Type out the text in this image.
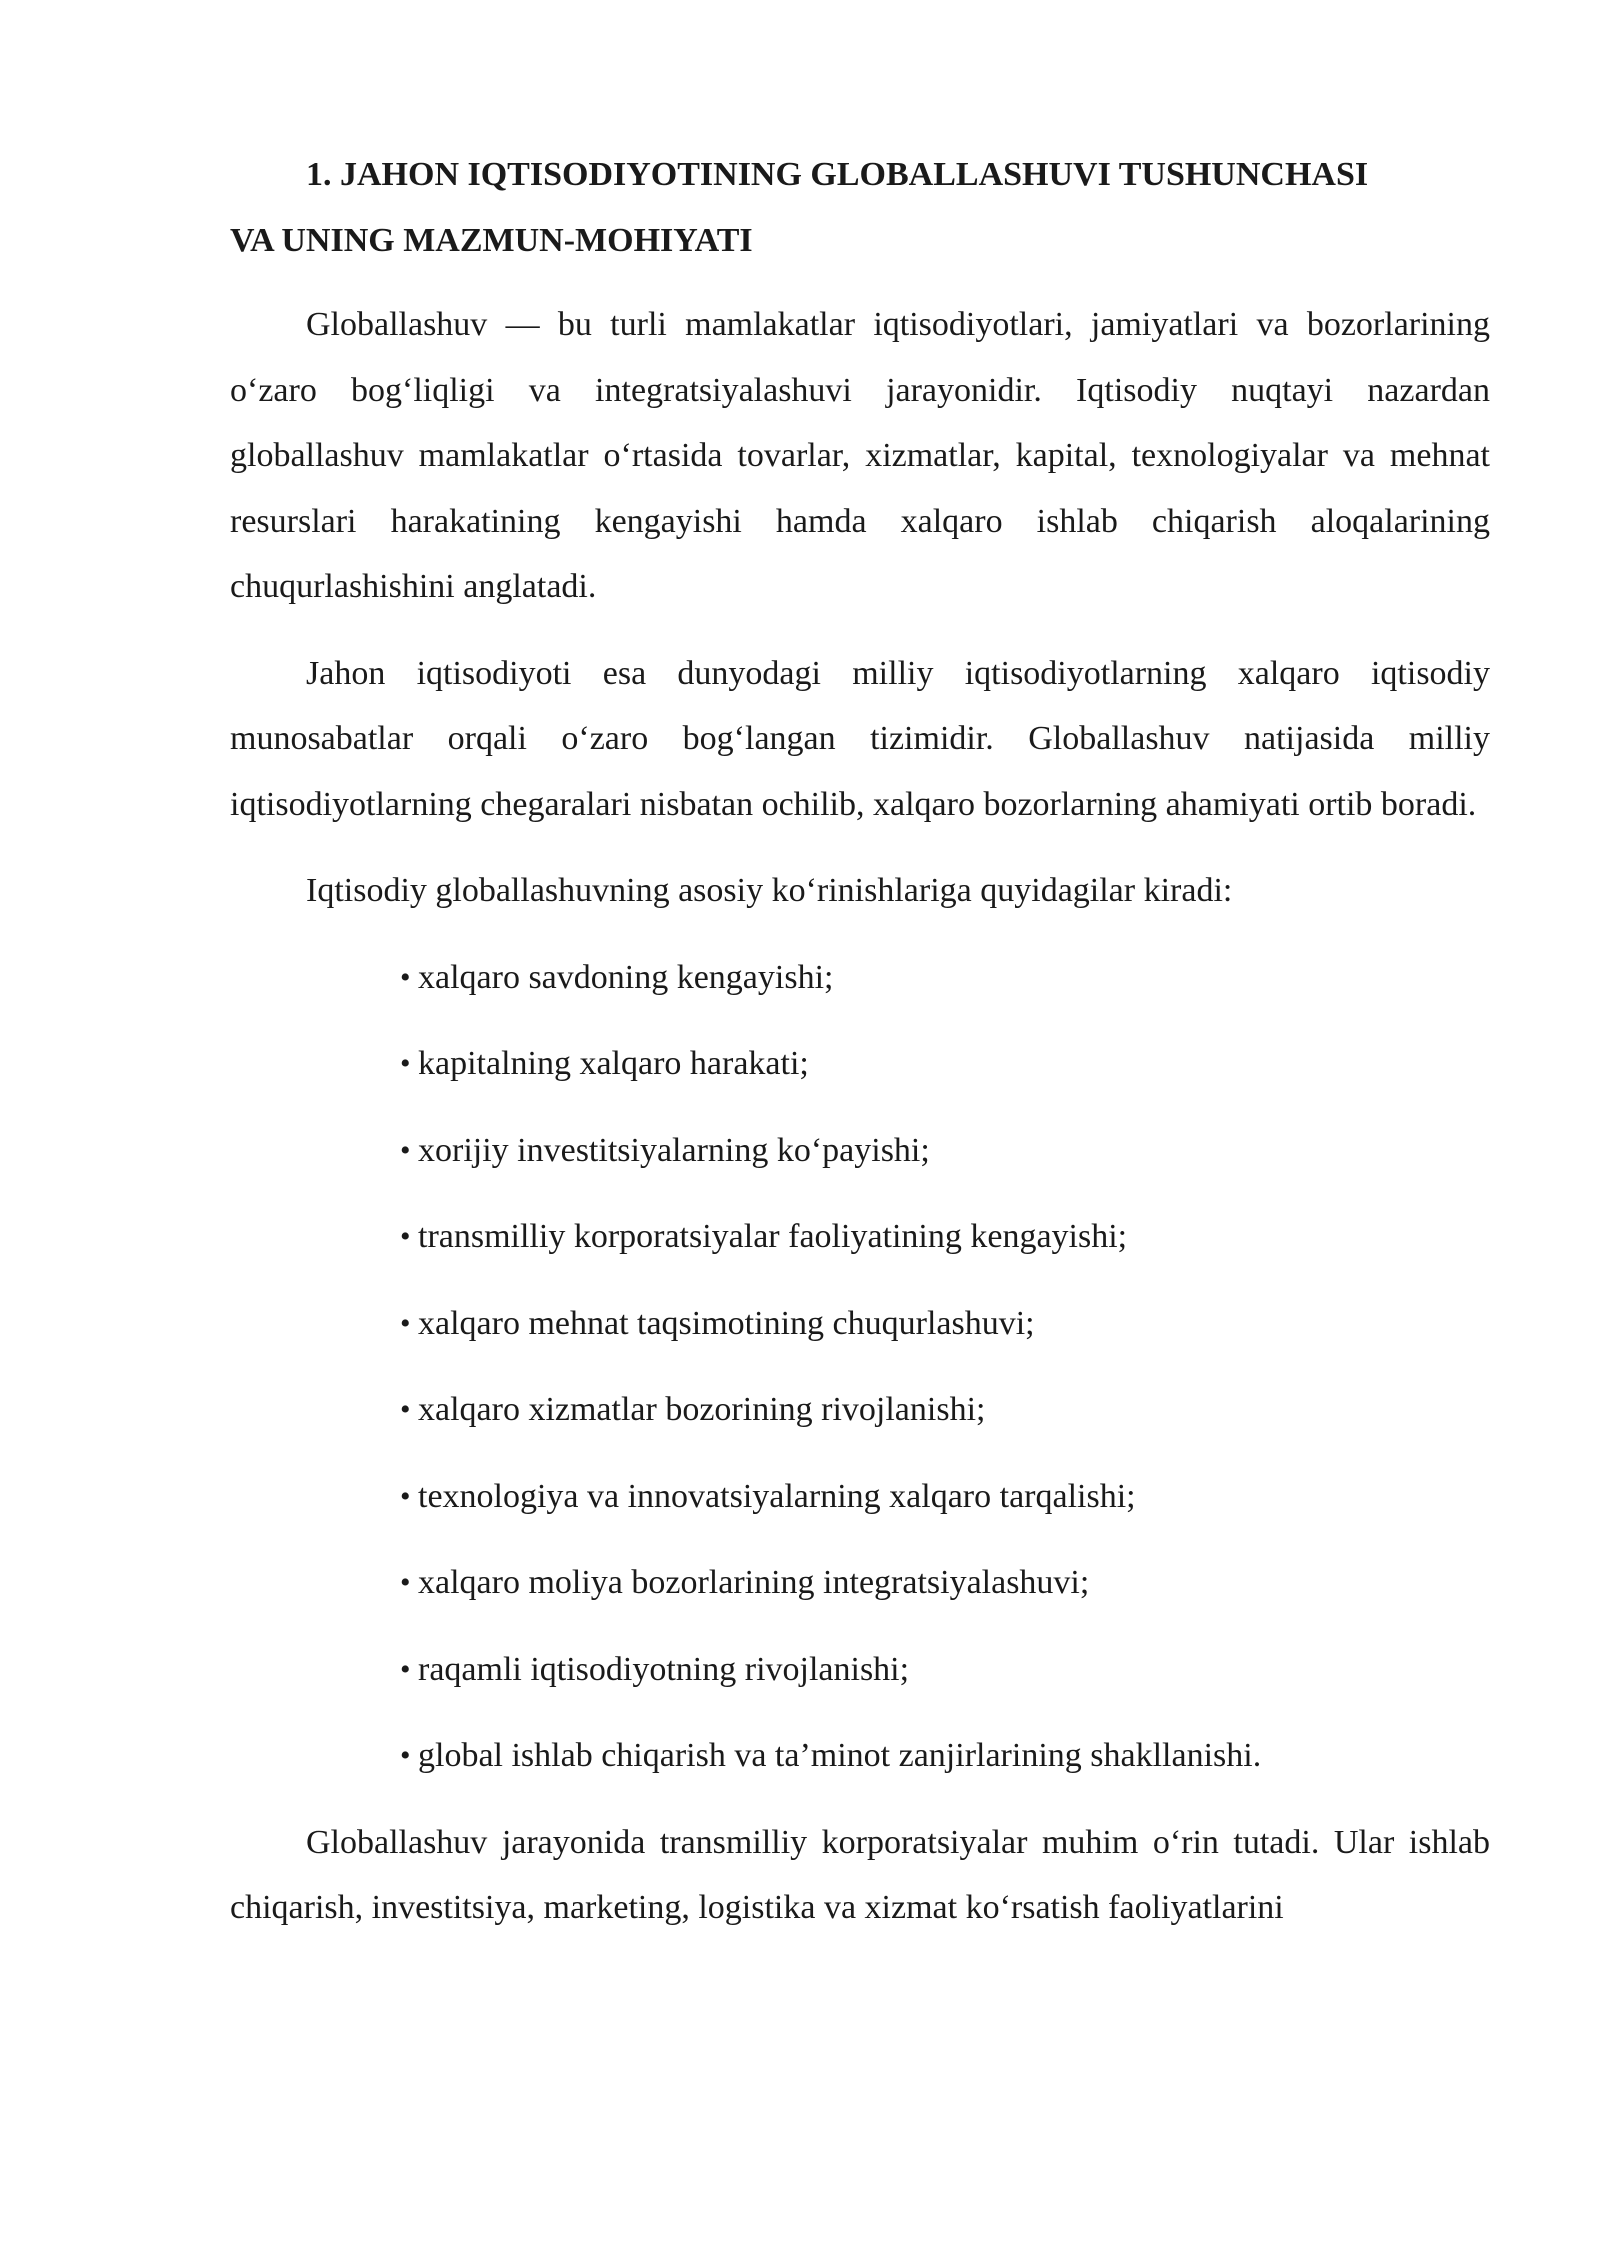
1. JAHON IQTISODIYOTINING GLOBALLASHUVI TUSHUNCHASI
VA UNING MAZMUN-MOHIYATI

Globallashuv — bu turli mamlakatlar iqtisodiyotlari, jamiyatlari va bozorlarining o‘zaro bog‘liqligi va integratsiyalashuvi jarayonidir. Iqtisodiy nuqtayi nazardan globallashuv mamlakatlar o‘rtasida tovarlar, xizmatlar, kapital, texnologiyalar va mehnat resurslari harakatining kengayishi hamda xalqaro ishlab chiqarish aloqalarining chuqurlashishini anglatadi.

Jahon iqtisodiyoti esa dunyodagi milliy iqtisodiyotlarning xalqaro iqtisodiy munosabatlar orqali o‘zaro bog‘langan tizimidir. Globallashuv natijasida milliy iqtisodiyotlarning chegaralari nisbatan ochilib, xalqaro bozorlarning ahamiyati ortib boradi.

Iqtisodiy globallashuvning asosiy ko‘rinishlariga quyidagilar kiradi:

• xalqaro savdoning kengayishi;
• kapitalning xalqaro harakati;
• xorijiy investitsiyalarning ko‘payishi;
• transmilliy korporatsiyalar faoliyatining kengayishi;
• xalqaro mehnat taqsimotining chuqurlashuvi;
• xalqaro xizmatlar bozorining rivojlanishi;
• texnologiya va innovatsiyalarning xalqaro tarqalishi;
• xalqaro moliya bozorlarining integratsiyalashuvi;
• raqamli iqtisodiyotning rivojlanishi;
• global ishlab chiqarish va ta’minot zanjirlarining shakllanishi.

Globallashuv jarayonida transmilliy korporatsiyalar muhim o‘rin tutadi. Ular ishlab chiqarish, investitsiya, marketing, logistika va xizmat ko‘rsatish faoliyatlarini
